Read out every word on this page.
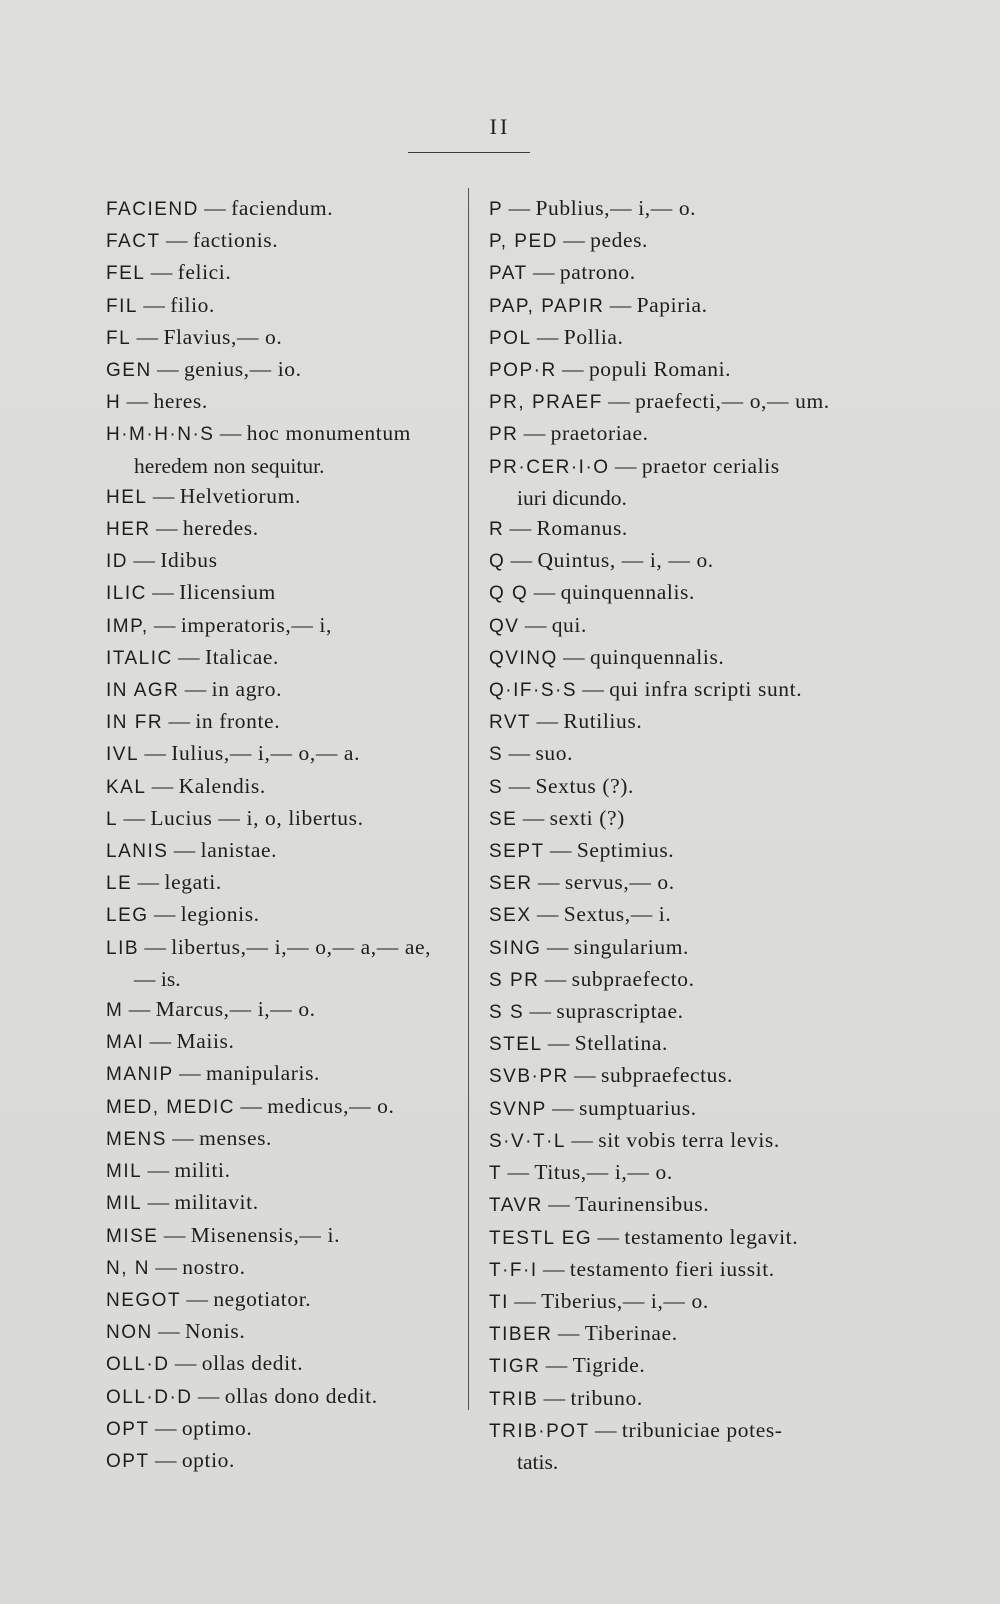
II
FACIEND — faciendum.
FACT — factionis.
FEL — felici.
FIL — filio.
FL — Flavius,— o.
GEN — genius,— io.
H — heres.
H·M·H·N·S — hoc monumentum
heredem non sequitur.
HEL — Helvetiorum.
HER — heredes.
ID — Idibus
ILIC — Ilicensium
IMP, — imperatoris,— i,
ITALIC — Italicae.
IN AGR — in agro.
IN FR — in fronte.
IVL — Iulius,— i,— o,— a.
KAL — Kalendis.
L — Lucius — i, o, libertus.
LANIS — lanistae.
LE — legati.
LEG — legionis.
LIB — libertus,— i,— o,— a,— ae,
— is.
M — Marcus,— i,— o.
MAI — Maiis.
MANIP — manipularis.
MED, MEDIC — medicus,— o.
MENS — menses.
MIL — militi.
MIL — militavit.
MISE — Misenensis,— i.
N, N — nostro.
NEGOT — negotiator.
NON — Nonis.
OLL·D — ollas dedit.
OLL·D·D — ollas dono dedit.
OPT — optimo.
OPT — optio.
P — Publius,— i,— o.
P, PED — pedes.
PAT — patrono.
PAP, PAPIR — Papiria.
POL — Pollia.
POP·R — populi Romani.
PR, PRAEF — praefecti,— o,— um.
PR — praetoriae.
PR·CER·I·O — praetor cerialis
iuri dicundo.
R — Romanus.
Q — Quintus, — i, — o.
Q Q — quinquennalis.
QV — qui.
QVINQ — quinquennalis.
Q·IF·S·S — qui infra scripti sunt.
RVT — Rutilius.
S — suo.
S — Sextus (?).
SE — sexti (?)
SEPT — Septimius.
SER — servus,— o.
SEX — Sextus,— i.
SING — singularium.
S PR — subpraefecto.
S S — suprascriptae.
STEL — Stellatina.
SVB·PR — subpraefectus.
SVNP — sumptuarius.
S·V·T·L — sit vobis terra levis.
T — Titus,— i,— o.
TAVR — Taurinensibus.
TESTL EG — testamento legavit.
T·F·I — testamento fieri iussit.
TI — Tiberius,— i,— o.
TIBER — Tiberinae.
TIGR — Tigride.
TRIB — tribuno.
TRIB·POT — tribuniciae potes-
tatis.
